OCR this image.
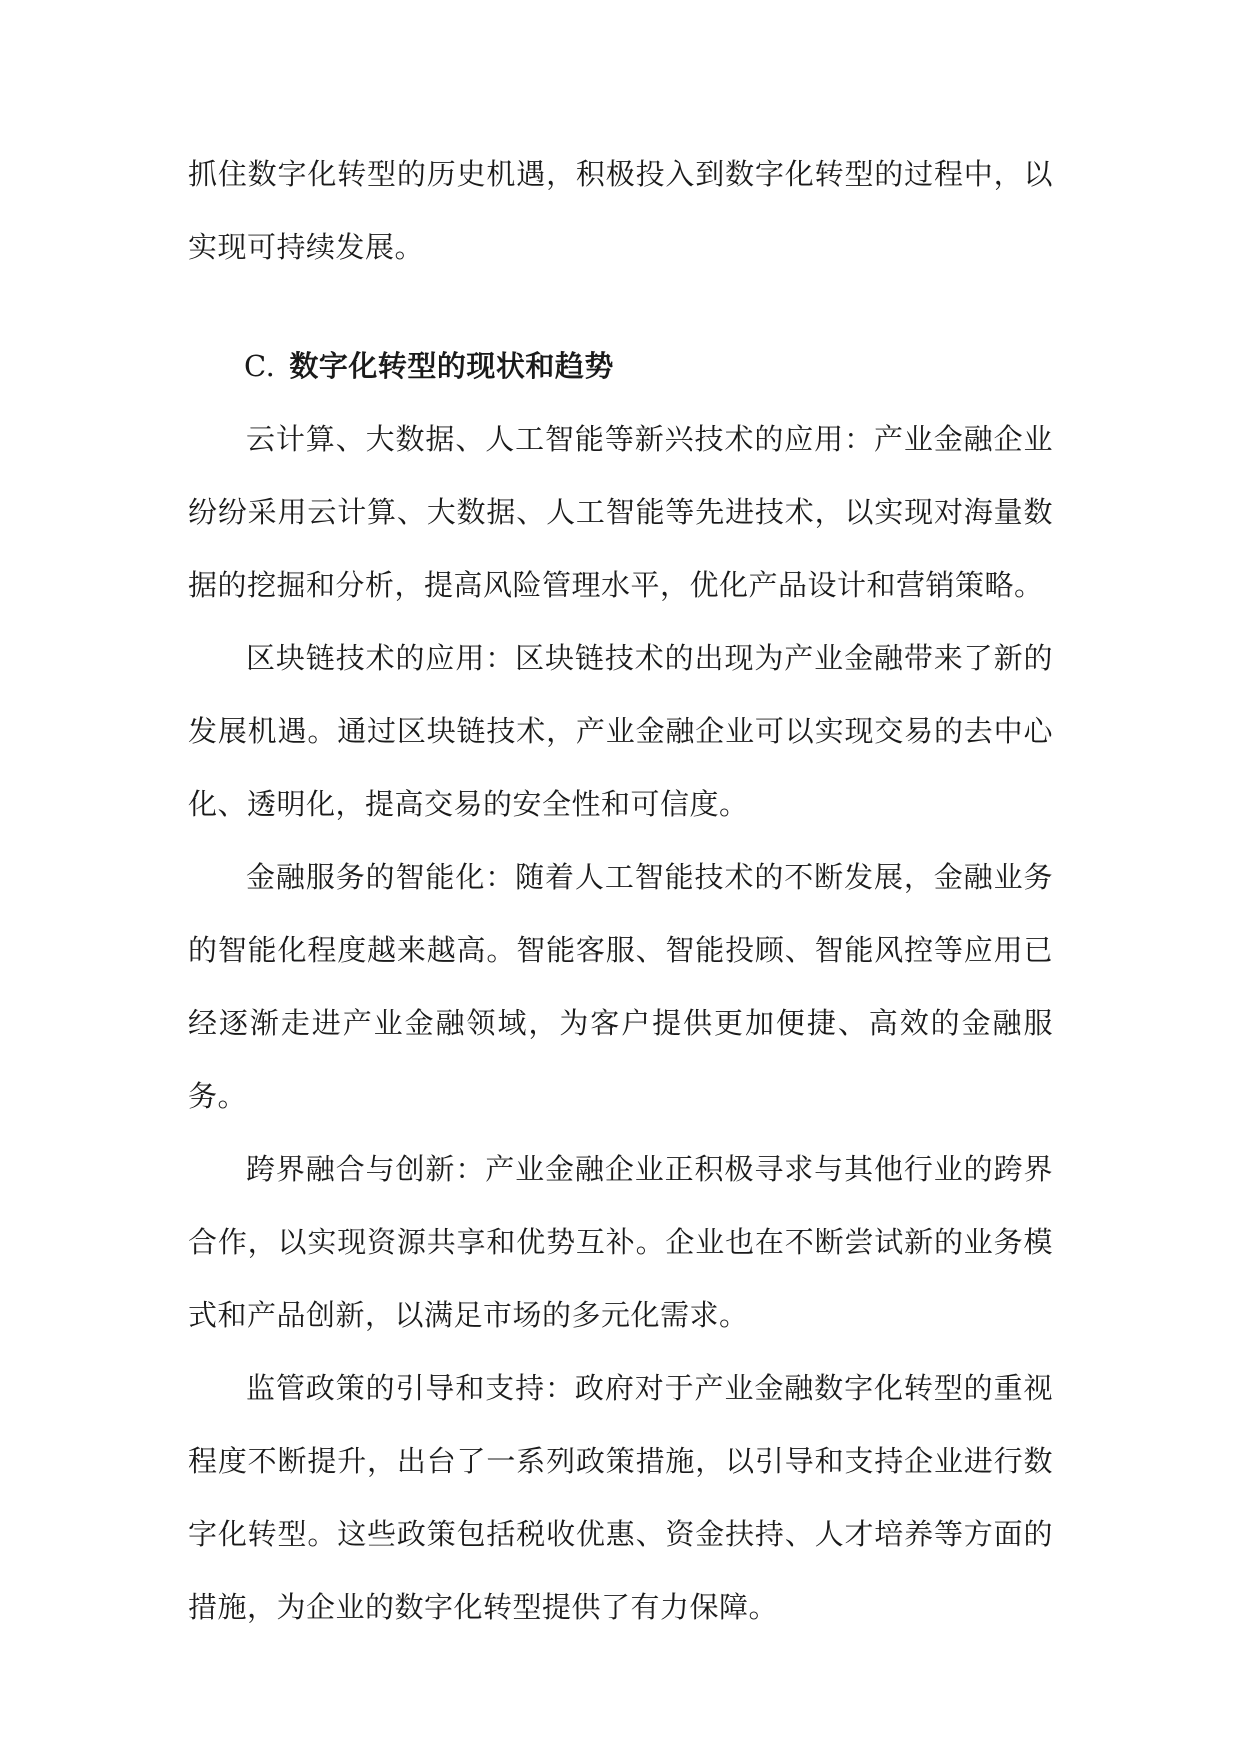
抓住数字化转型的历史机遇，积极投入到数字化转型的过程中，以实现可持续发展。

C. 数字化转型的现状和趋势

云计算、大数据、人工智能等新兴技术的应用：产业金融企业纷纷采用云计算、大数据、人工智能等先进技术，以实现对海量数据的挖掘和分析，提高风险管理水平，优化产品设计和营销策略。

区块链技术的应用：区块链技术的出现为产业金融带来了新的发展机遇。通过区块链技术，产业金融企业可以实现交易的去中心化、透明化，提高交易的安全性和可信度。

金融服务的智能化：随着人工智能技术的不断发展，金融业务的智能化程度越来越高。智能客服、智能投顾、智能风控等应用已经逐渐走进产业金融领域，为客户提供更加便捷、高效的金融服务。

跨界融合与创新：产业金融企业正积极寻求与其他行业的跨界合作，以实现资源共享和优势互补。企业也在不断尝试新的业务模式和产品创新，以满足市场的多元化需求。

监管政策的引导和支持：政府对于产业金融数字化转型的重视程度不断提升，出台了一系列政策措施，以引导和支持企业进行数字化转型。这些政策包括税收优惠、资金扶持、人才培养等方面的措施，为企业的数字化转型提供了有力保障。
